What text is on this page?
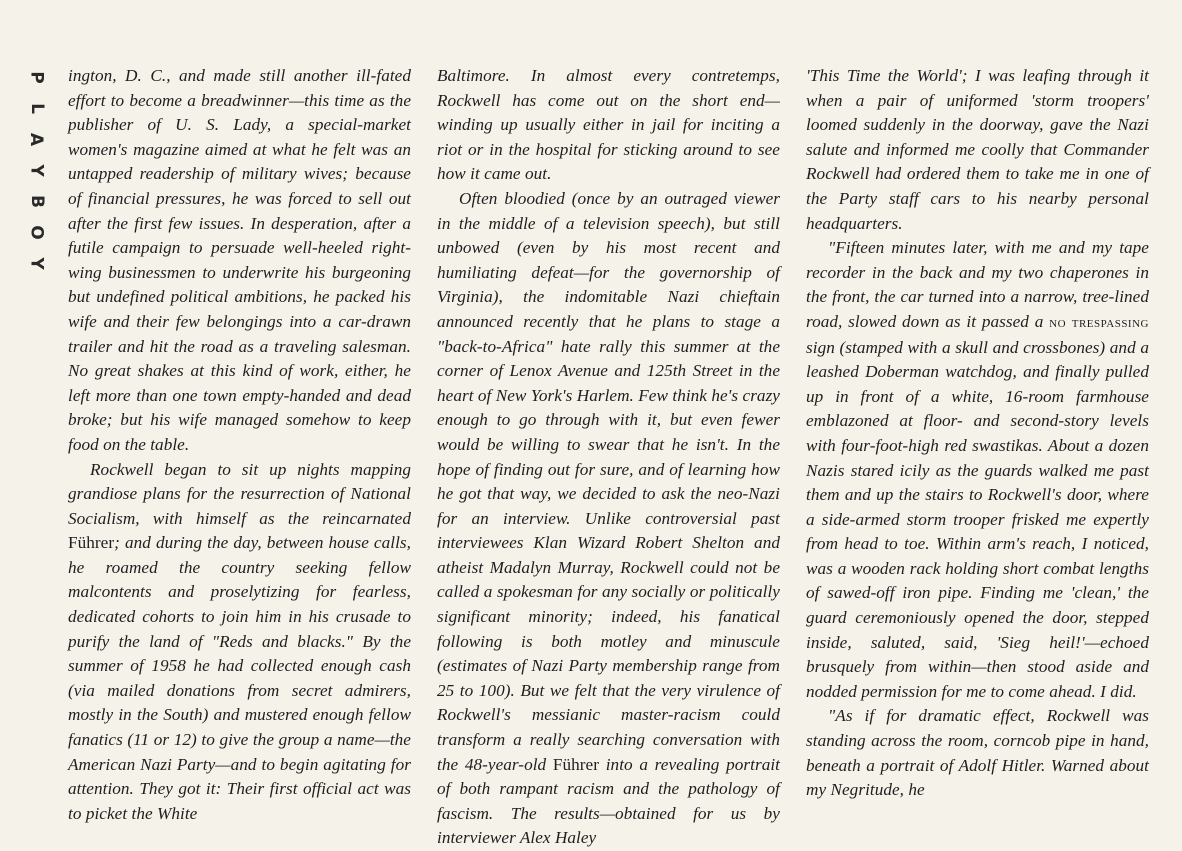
P
L
A
Y
B
O
Y

ington, D. C., and made still another ill-fated effort to become a breadwinner—this time as the publisher of U. S. Lady, a special-market women's magazine aimed at what he felt was an untapped readership of military wives; because of financial pressures, he was forced to sell out after the first few issues. In desperation, after a futile campaign to persuade well-heeled right-wing businessmen to underwrite his burgeoning but undefined political ambitions, he packed his wife and their few belongings into a car-drawn trailer and hit the road as a traveling salesman. No great shakes at this kind of work, either, he left more than one town empty-handed and dead broke; but his wife managed somehow to keep food on the table.

Rockwell began to sit up nights mapping grandiose plans for the resurrection of National Socialism, with himself as the reincarnated Führer; and during the day, between house calls, he roamed the country seeking fellow malcontents and proselytizing for fearless, dedicated cohorts to join him in his crusade to purify the land of "Reds and blacks." By the summer of 1958 he had collected enough cash (via mailed donations from secret admirers, mostly in the South) and mustered enough fellow fanatics (11 or 12) to give the group a name—the American Nazi Party—and to begin agitating for attention. They got it: Their first official act was to picket the White

Baltimore. In almost every contretemps, Rockwell has come out on the short end—winding up usually either in jail for inciting a riot or in the hospital for sticking around to see how it came out.

Often bloodied (once by an outraged viewer in the middle of a television speech), but still unbowed (even by his most recent and humiliating defeat—for the governorship of Virginia), the indomitable Nazi chieftain announced recently that he plans to stage a "back-to-Africa" hate rally this summer at the corner of Lenox Avenue and 125th Street in the heart of New York's Harlem. Few think he's crazy enough to go through with it, but even fewer would be willing to swear that he isn't. In the hope of finding out for sure, and of learning how he got that way, we decided to ask the neo-Nazi for an interview. Unlike controversial past interviewees Klan Wizard Robert Shelton and atheist Madalyn Murray, Rockwell could not be called a spokesman for any socially or politically significant minority; indeed, his fanatical following is both motley and minuscule (estimates of Nazi Party membership range from 25 to 100). But we felt that the very virulence of Rockwell's messianic master-racism could transform a really searching conversation with the 48-year-old Führer into a revealing portrait of both rampant racism and the pathology of fascism. The results—obtained for us by interviewer Alex Haley

'This Time the World'; I was leafing through it when a pair of uniformed 'storm troopers' loomed suddenly in the doorway, gave the Nazi salute and informed me coolly that Commander Rockwell had ordered them to take me in one of the Party staff cars to his nearby personal headquarters.

"Fifteen minutes later, with me and my tape recorder in the back and my two chaperones in the front, the car turned into a narrow, tree-lined road, slowed down as it passed a no trespassing sign (stamped with a skull and crossbones) and a leashed Doberman watchdog, and finally pulled up in front of a white, 16-room farmhouse emblazoned at floor- and second-story levels with four-foot-high red swastikas. About a dozen Nazis stared icily as the guards walked me past them and up the stairs to Rockwell's door, where a side-armed storm trooper frisked me expertly from head to toe. Within arm's reach, I noticed, was a wooden rack holding short combat lengths of sawed-off iron pipe. Finding me 'clean,' the guard ceremoniously opened the door, stepped inside, saluted, said, 'Sieg heil!'—echoed brusquely from within—then stood aside and nodded permission for me to come ahead. I did.

"As if for dramatic effect, Rockwell was standing across the room, corncob pipe in hand, beneath a portrait of Adolf Hitler. Warned about my Negritude, he
